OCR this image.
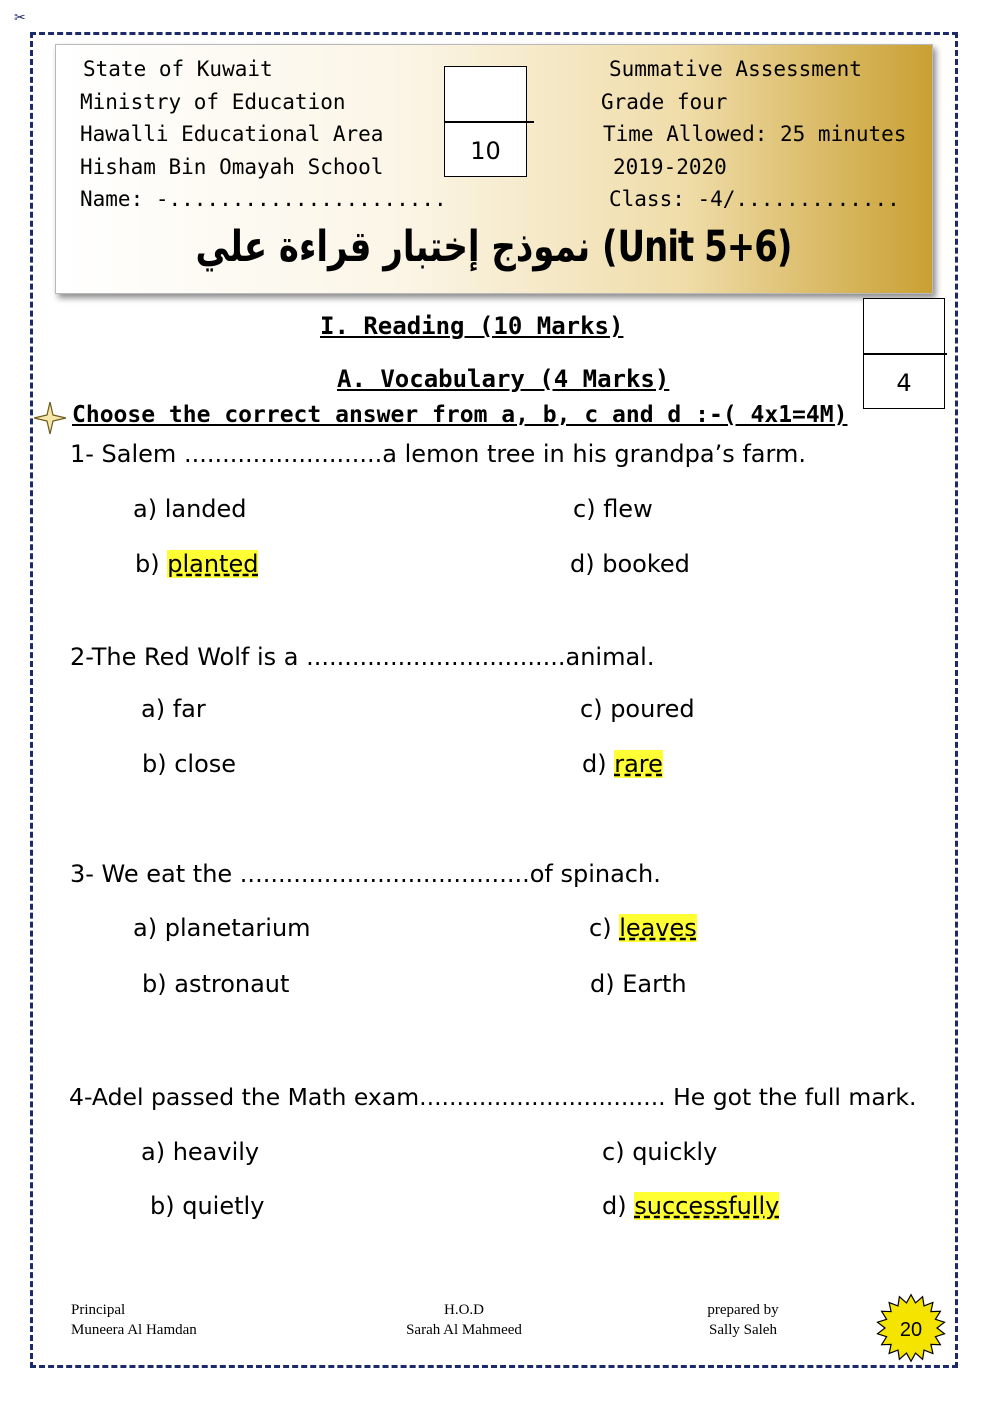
✂
State of Kuwait
Ministry of Education
Hawalli Educational Area
Hisham Bin Omayah School
Name: -......................
Summative Assessment
Grade four
Time Allowed: 25 minutes
2019-2020
Class: -4/.............
10
نموذج إختبار قراءة علي (Unit 5+6)
4
I. Reading (10 Marks)
A. Vocabulary (4 Marks)
Choose the correct answer from a, b, c and d :-( 4x1=4M)
1- Salem ..........................a lemon tree in his grandpa’s farm.
a) landed	c) flew
b) planted	d) booked
2-The Red Wolf is a ..................................animal.
a) far	c) poured
b) close	d) rare
3- We eat the ......................................of spinach.
a) planetarium	c) leaves
b) astronaut	d) Earth
4-Adel passed the Math exam................................. He got the full mark.
a) heavily	c) quickly
b) quietly	d) successfully
Principal
Muneera Al Hamdan
H.O.D
Sarah Al Mahmeed
prepared by
Sally Saleh	20
